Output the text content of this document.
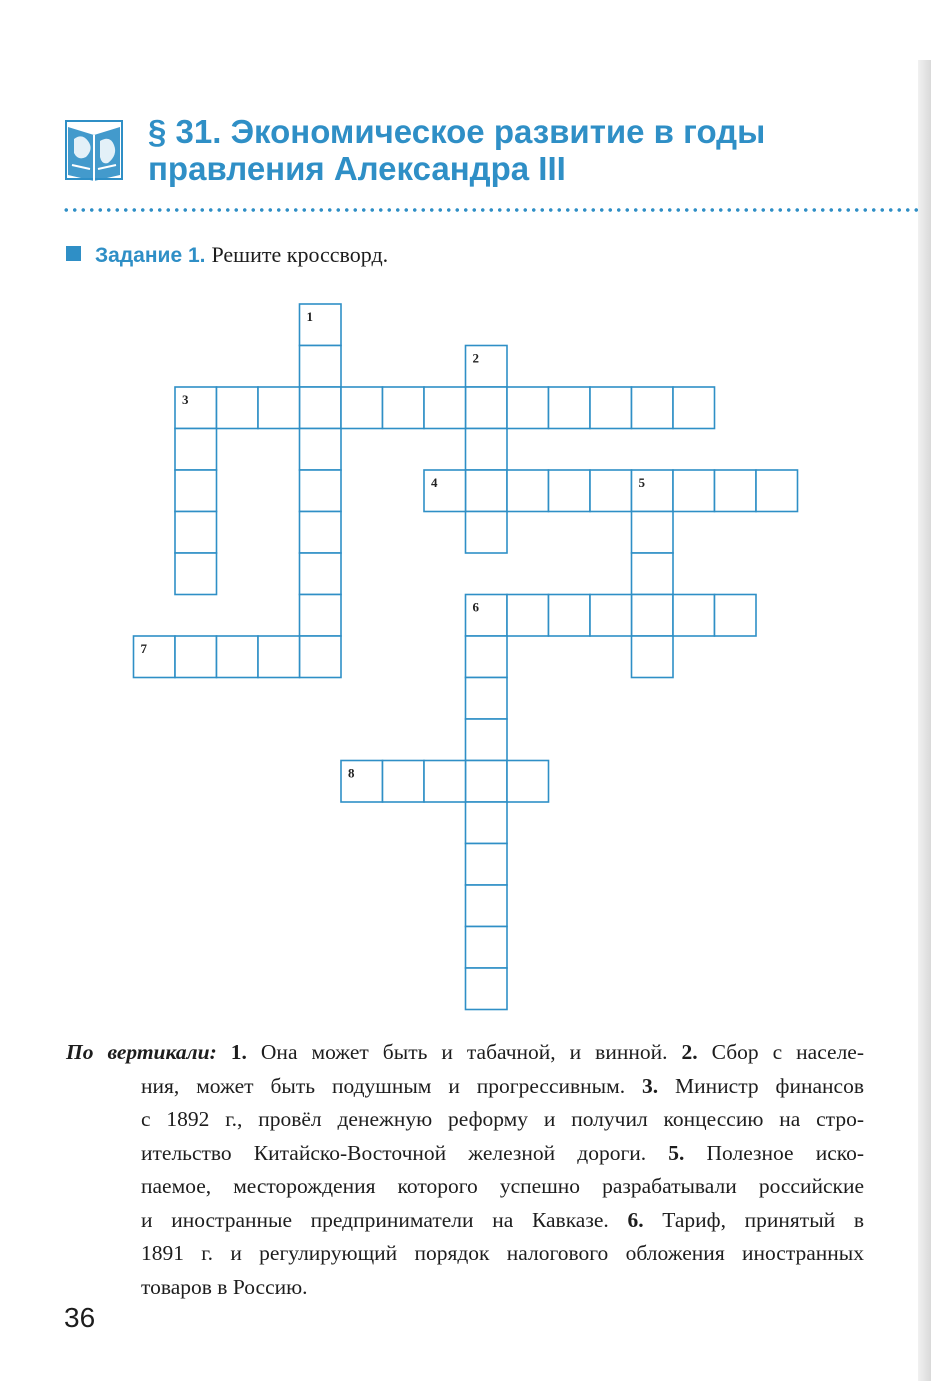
§ 31. Экономическое развитие в годы
правления Александра III
Задание 1. Решите кроссворд.
1
2
3
4	5
6
7
8
По вертикали: 1. Она может быть и табачной, и винной. 2. Сбор с населе-
ния, может быть подушным и прогрессивным. 3. Министр финансов
с 1892 г., провёл денежную реформу и получил концессию на стро-
ительство Китайско-Восточной железной дороги. 5. Полезное иско-
паемое, месторождения которого успешно разрабатывали российские
и иностранные предприниматели на Кавказе. 6. Тариф, принятый в
1891 г. и регулирующий порядок налогового обложения иностранных
товаров в Россию.
36
